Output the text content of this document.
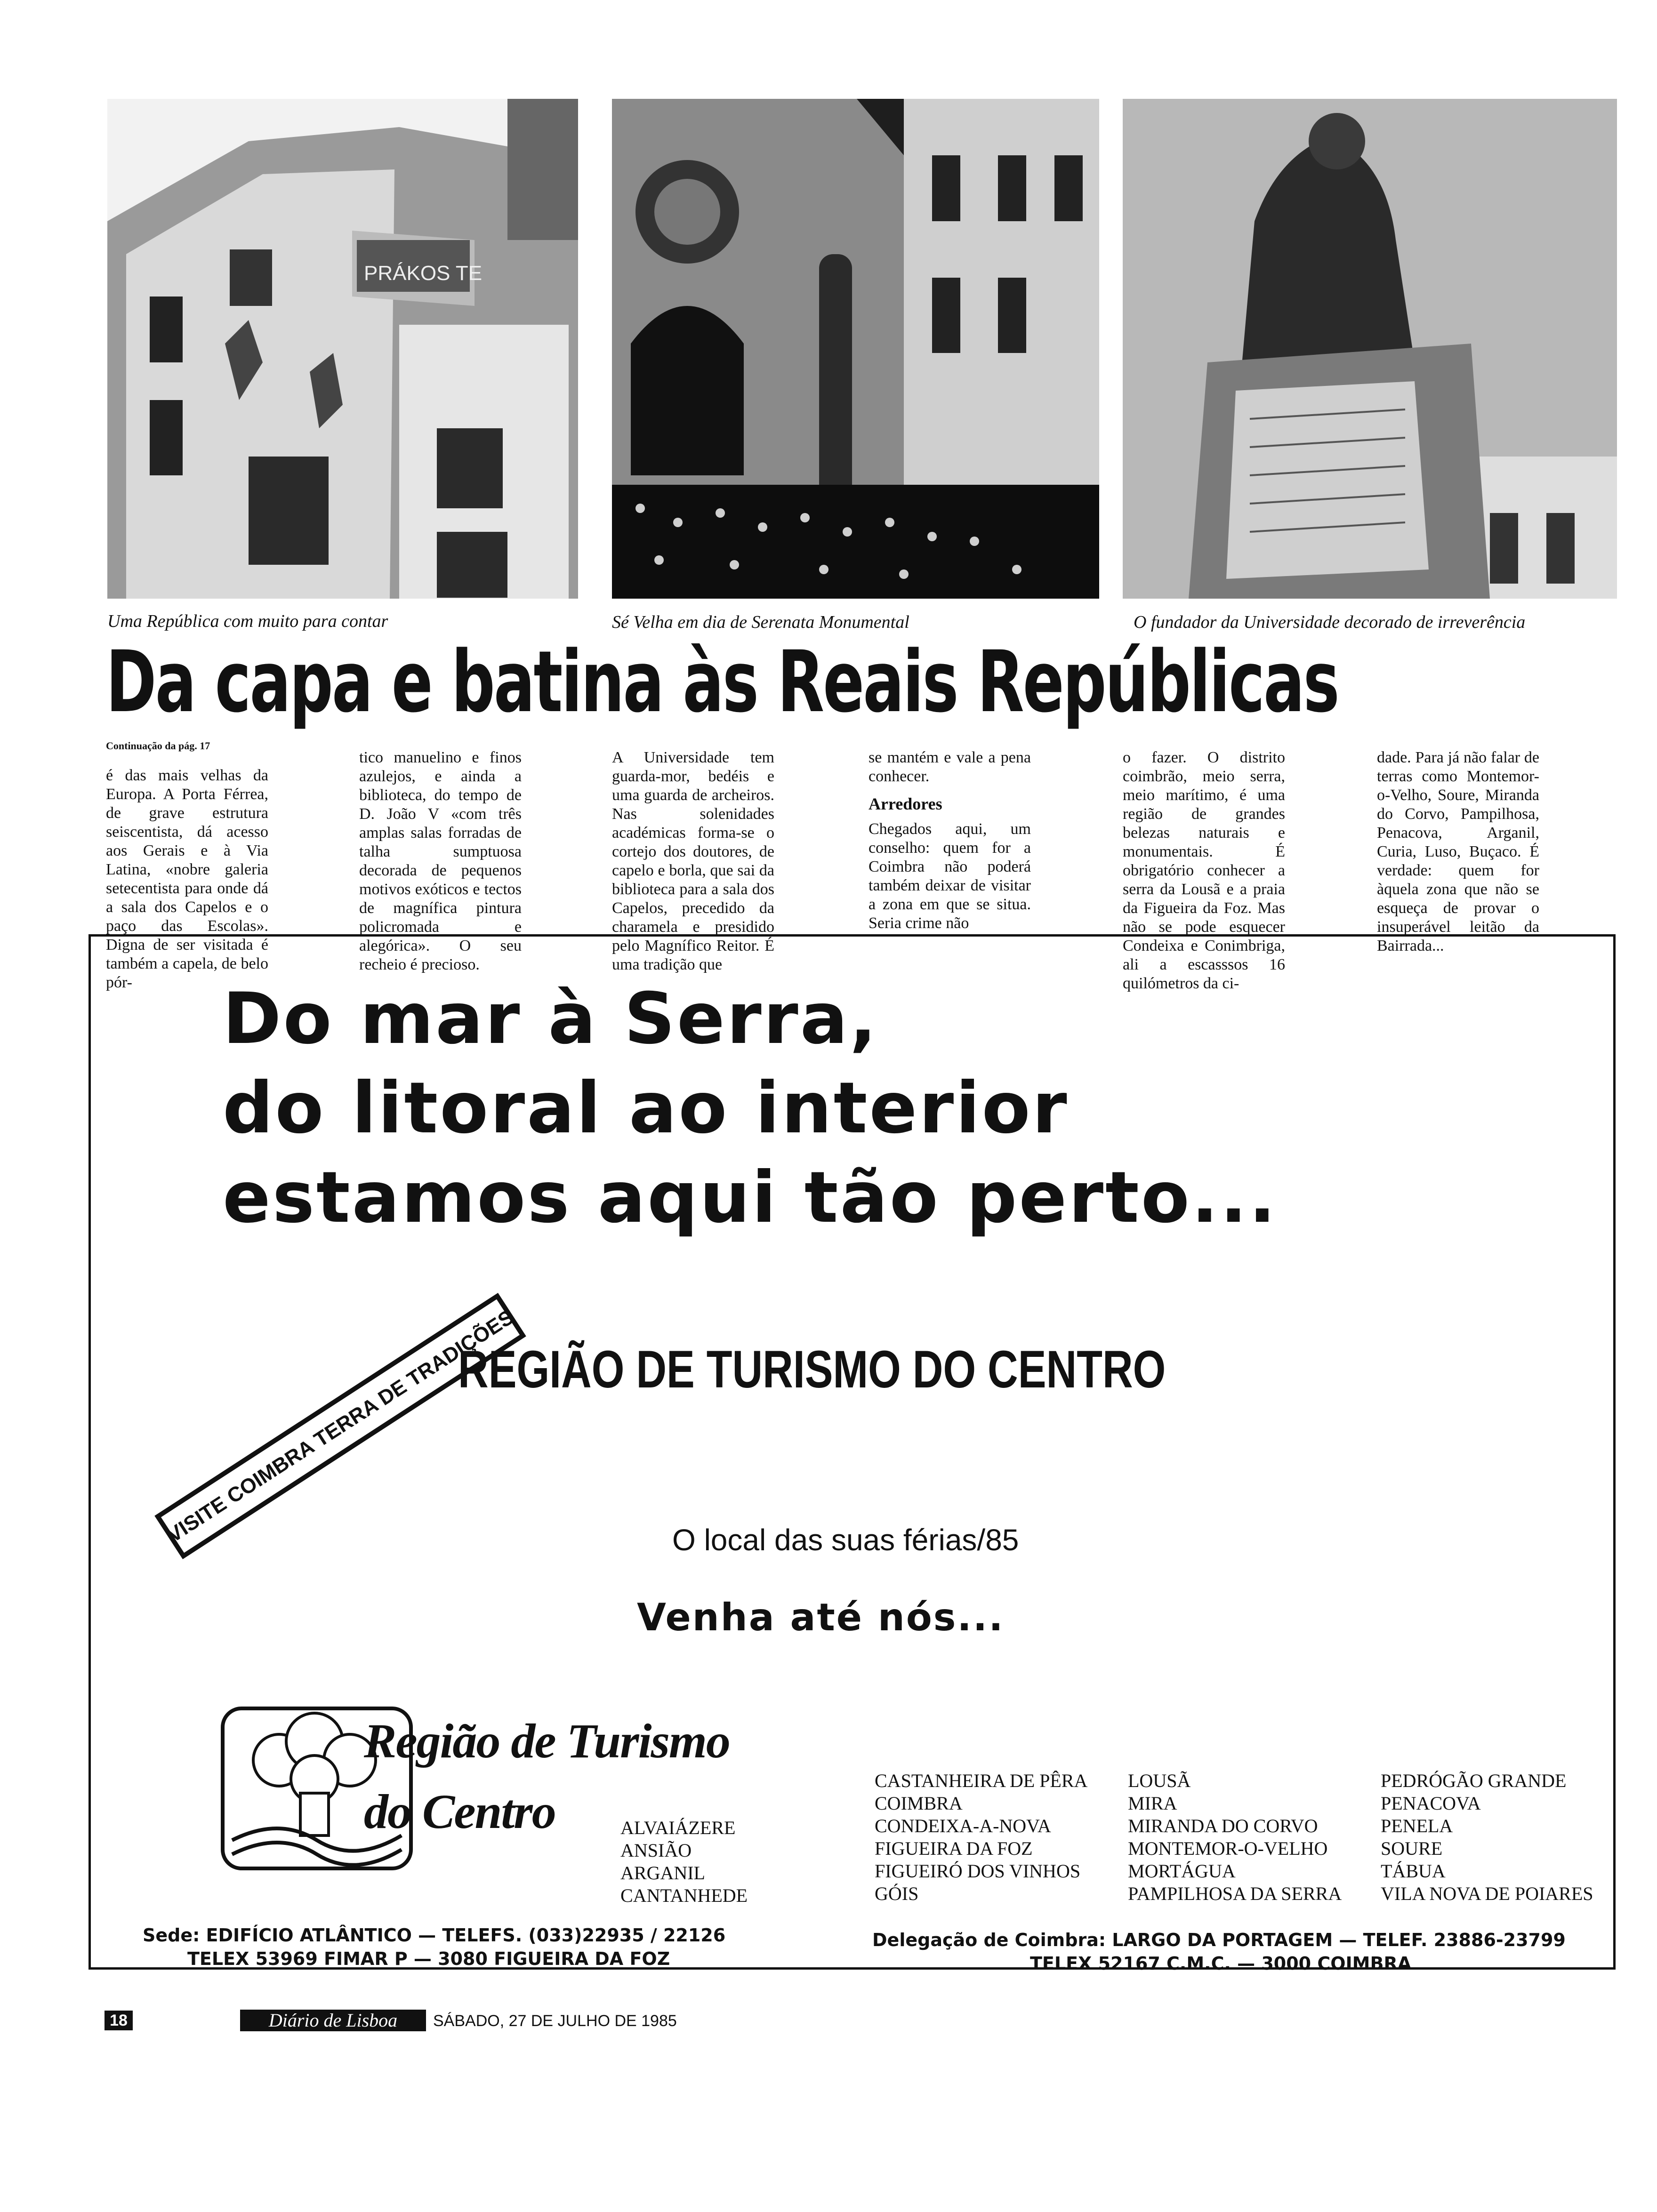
PRÁKOS TE
Uma República com muito para contar	Sé Velha em dia de Serenata Monumental	O fundador da Universidade decorado de irreverência
Da capa e batina às Reais Repúblicas
Continuação da pág. 17

é das mais velhas da Europa. A Porta Férrea, de grave estrutura seiscentista, dá acesso aos Gerais e à Via Latina, «nobre galeria setecentista para onde dá a sala dos Capelos e o paço das Escolas». Digna de ser visitada é também a capela, de belo pór-

tico manuelino e finos azulejos, e ainda a biblioteca, do tempo de D. João V «com três amplas salas forradas de talha sumptuosa decorada de pequenos motivos exóticos e tectos de magnífica pintura policromada e alegórica». O seu recheio é precioso.

A Universidade tem guarda-mor, bedéis e uma guarda de archeiros. Nas solenidades académicas forma-se o cortejo dos doutores, de capelo e borla, que sai da biblioteca para a sala dos Capelos, precedido da charamela e presidido pelo Magnífico Reitor. É uma tradição que

se mantém e vale a pena conhecer.

Arredores

Chegados aqui, um conselho: quem for a Coimbra não poderá também deixar de visitar a zona em que se situa. Seria crime não

o fazer. O distrito coimbrão, meio serra, meio marítimo, é uma região de grandes belezas naturais e monumentais. É obrigatório conhecer a serra da Lousã e a praia da Figueira da Foz. Mas não se pode esquecer Condeixa e Conimbriga, ali a escasssos 16 quilómetros da ci-

dade. Para já não falar de terras como Montemor-o-Velho, Soure, Miranda do Corvo, Pampilhosa, Penacova, Arganil, Curia, Luso, Buçaco. É verdade: quem for àquela zona que não se esqueça de provar o insuperável leitão da Bairrada...

Do mar à Serra,
do litoral ao interior
estamos aqui tão perto...
VISITE COIMBRA TERRA DE TRADIÇÕES
REGIÃO DE TURISMO DO CENTRO
O local das suas férias/85
Venha até nós...
Região de Turismo
do Centro	ALVAIÁZERE
ANSIÃO
ARGANIL
CANTANHEDE
CASTANHEIRA DE PÊRA
COIMBRA
CONDEIXA-A-NOVA
FIGUEIRA DA FOZ
FIGUEIRÓ DOS VINHOS
GÓIS
LOUSÃ
MIRA
MIRANDA DO CORVO
MONTEMOR-O-VELHO
MORTÁGUA
PAMPILHOSA DA SERRA
PEDRÓGÃO GRANDE
PENACOVA
PENELA
SOURE
TÁBUA
VILA NOVA DE POIARES
Sede: EDIFÍCIO ATLÂNTICO — TELEFS. (033)22935 / 22126
TELEX 53969 FIMAR P — 3080 FIGUEIRA DA FOZ
Delegação de Coimbra: LARGO DA PORTAGEM — TELEF. 23886-23799
TELEX 52167 C.M.C. — 3000 COIMBRA
18	Diário de Lisboa	SÁBADO, 27 DE JULHO DE 1985
